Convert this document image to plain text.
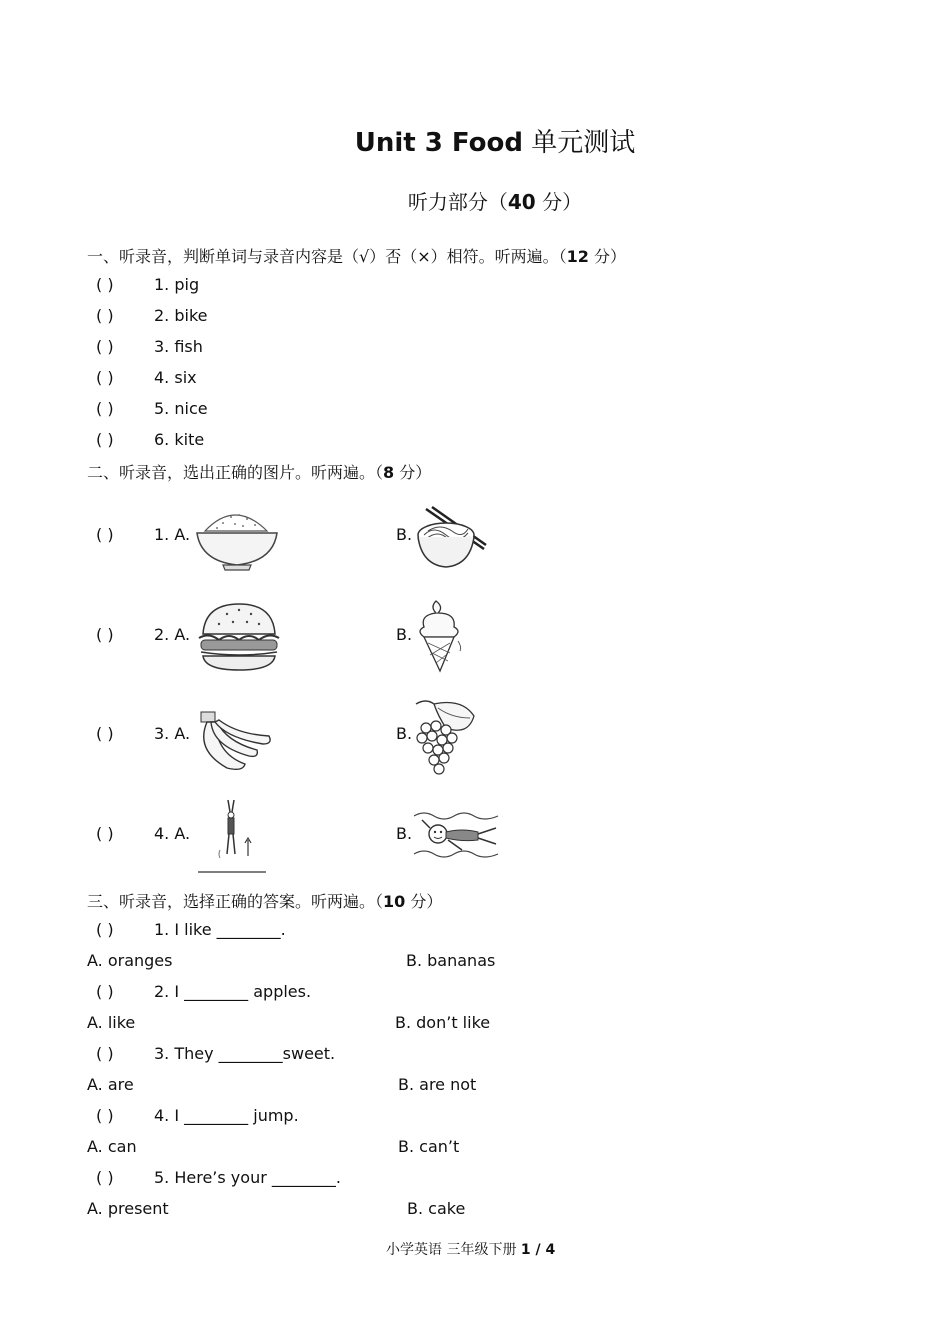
Unit 3 Food 单元测试
听力部分（40 分）
一、听录音，判断单词与录音内容是（√）否（×）相符。听两遍。（12 分）
( )	1. pig
( )	2. bike
( )	3. fish
( )	4. six
( )	5. nice
( )	6. kite
二、听录音，选出正确的图片。听两遍。（8 分）
( )	1. A.	B.
( )	2. A.	B.
( )	3. A.	B.
( )	4. A.	B.
三、听录音，选择正确的答案。听两遍。（10 分）
( )	1. I like ________.
A. oranges	B. bananas
( )	2. I ________ apples.
A. like	B. don’t like
( )	3. They ________sweet.
A. are	B. are not
( )	4. I ________ jump.
A. can	B. can’t
( )	5. Here’s your ________.
A. present	B. cake
小学英语 三年级下册 1 / 4
